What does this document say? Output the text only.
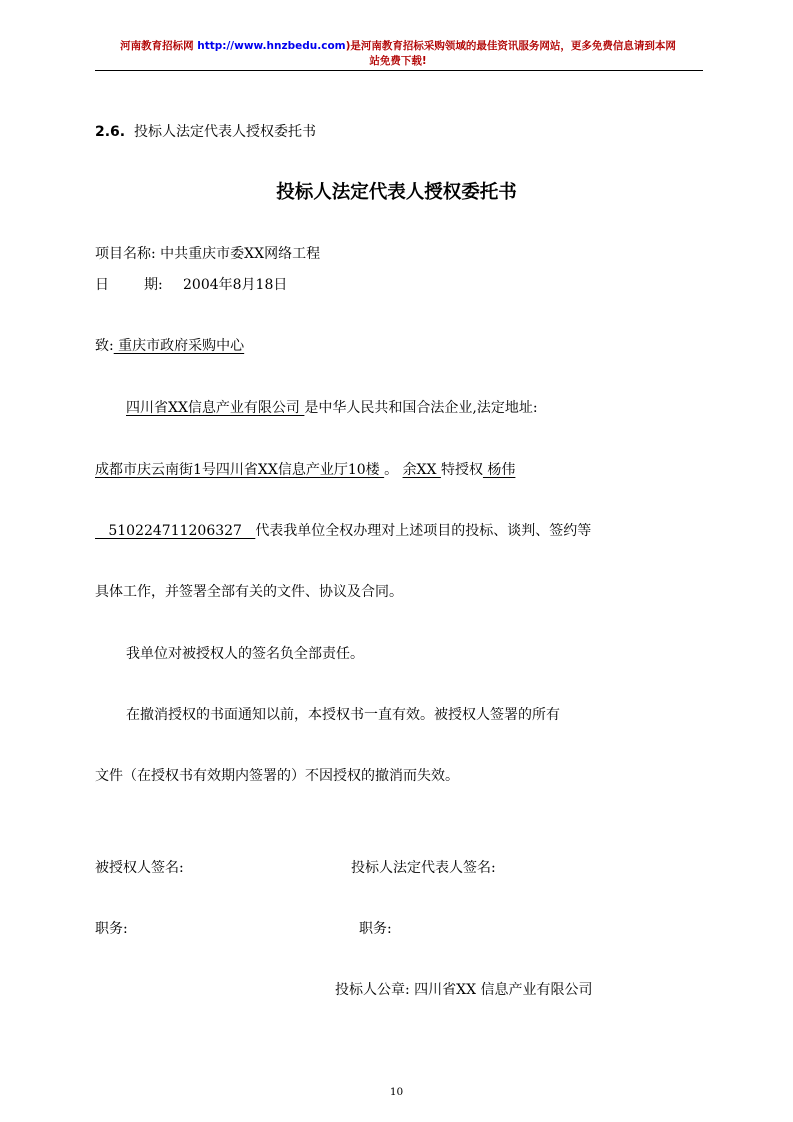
河南教育招标网 http://www.hnzbedu.com)是河南教育招标采购领域的最佳资讯服务网站，更多免费信息请到本网
站免费下载!
2.6. 投标人法定代表人授权委托书
投标人法定代表人授权委托书
项目名称: 中共重庆市委XX网络工程
日	期: 2004年8月18日
致: 重庆市政府采购中心
四川省XX信息产业有限公司 是中华人民共和国合法企业,法定地址:
成都市庆云南街1号四川省XX信息产业厅10楼 。 余XX 特授权 杨伟
510224711206327   代表我单位全权办理对上述项目的投标、谈判、签约等
具体工作，并签署全部有关的文件、协议及合同。
我单位对被授权人的签名负全部责任。
在撤消授权的书面通知以前，本授权书一直有效。被授权人签署的所有
文件（在授权书有效期内签署的）不因授权的撤消而失效。
被授权人签名:	投标人法定代表人签名:
职务:	职务:
投标人公章: 四川省XX 信息产业有限公司
10
